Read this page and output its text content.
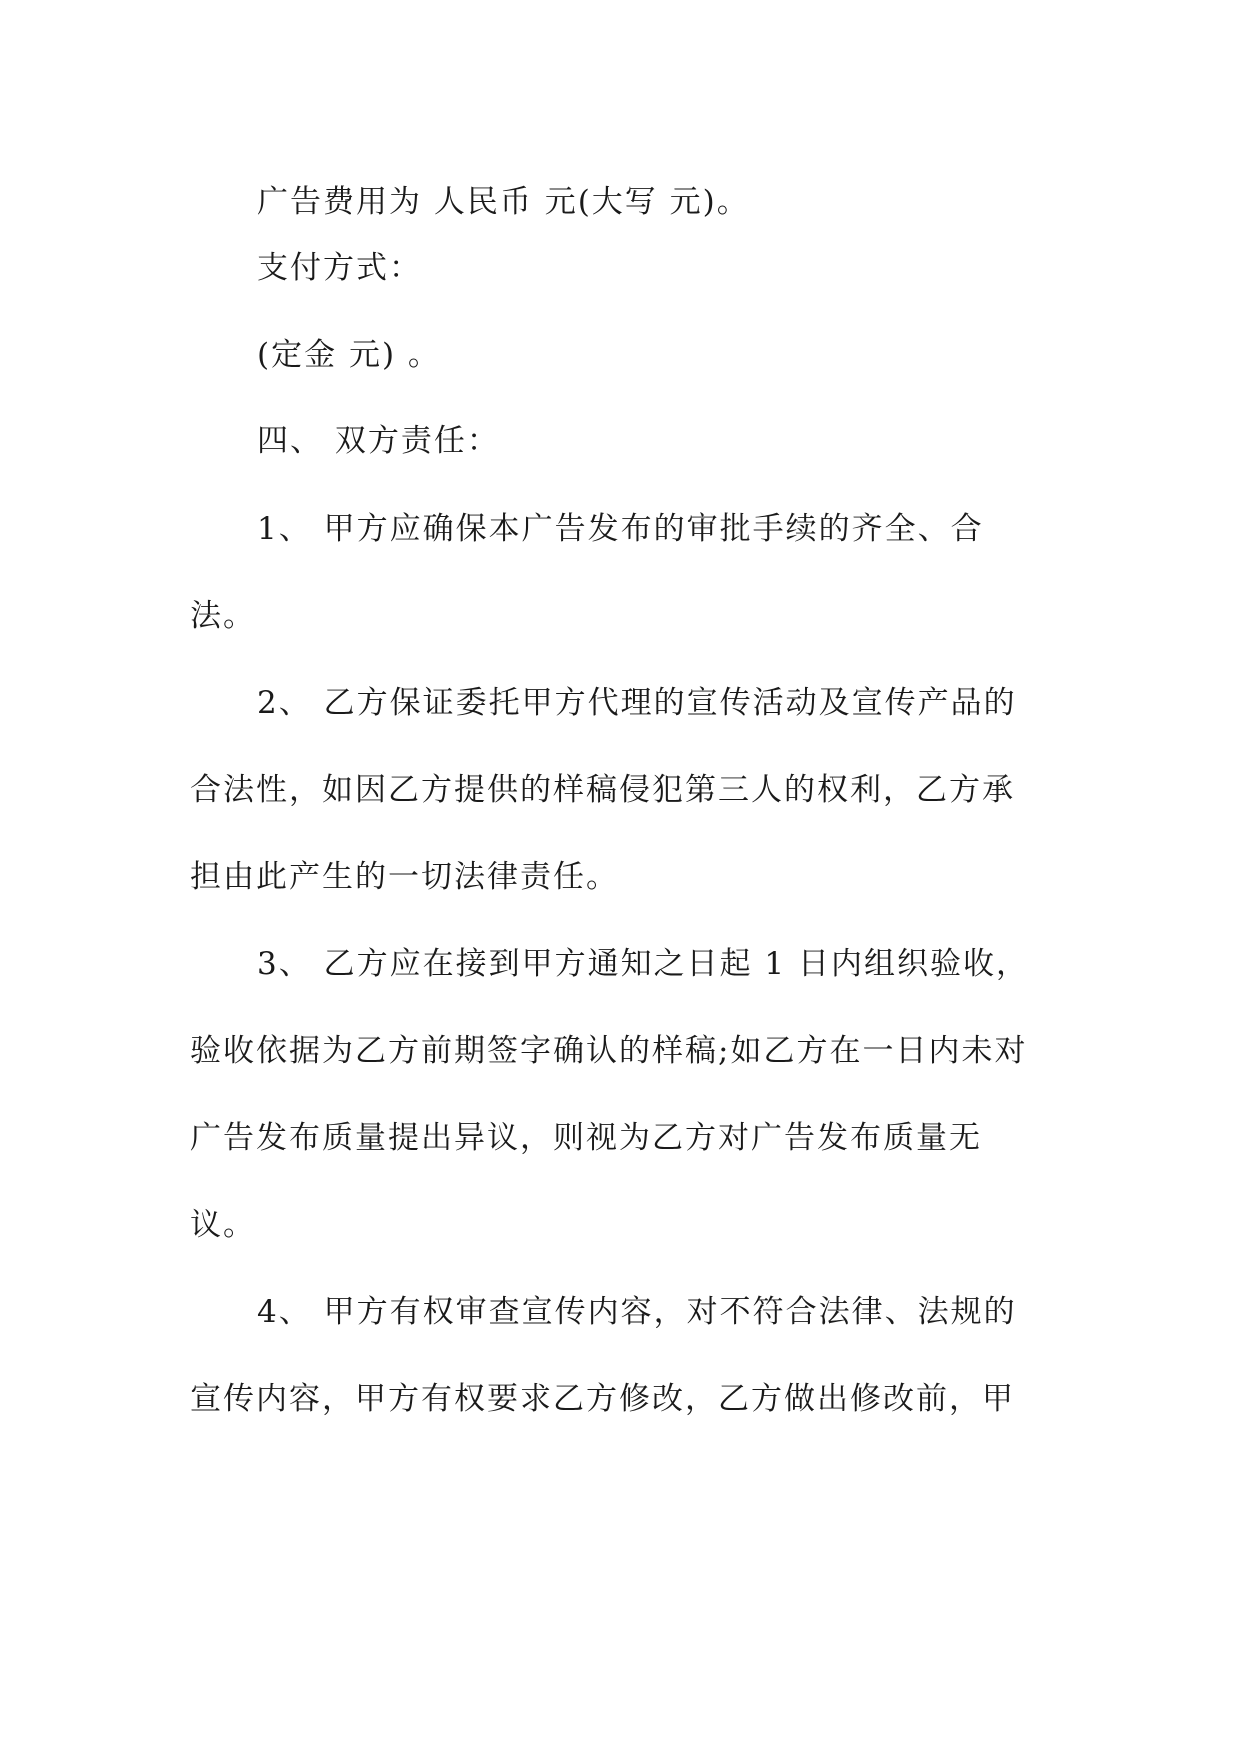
广告费用为 人民币 元(大写 元)。
支付方式：
(定金 元) 。
四、 双方责任：
1、 甲方应确保本广告发布的审批手续的齐全、合
法。
2、 乙方保证委托甲方代理的宣传活动及宣传产品的
合法性，如因乙方提供的样稿侵犯第三人的权利，乙方承
担由此产生的一切法律责任。
3、 乙方应在接到甲方通知之日起 1 日内组织验收，
验收依据为乙方前期签字确认的样稿;如乙方在一日内未对
广告发布质量提出异议，则视为乙方对广告发布质量无
议。
4、 甲方有权审查宣传内容，对不符合法律、法规的
宣传内容，甲方有权要求乙方修改，乙方做出修改前，甲
